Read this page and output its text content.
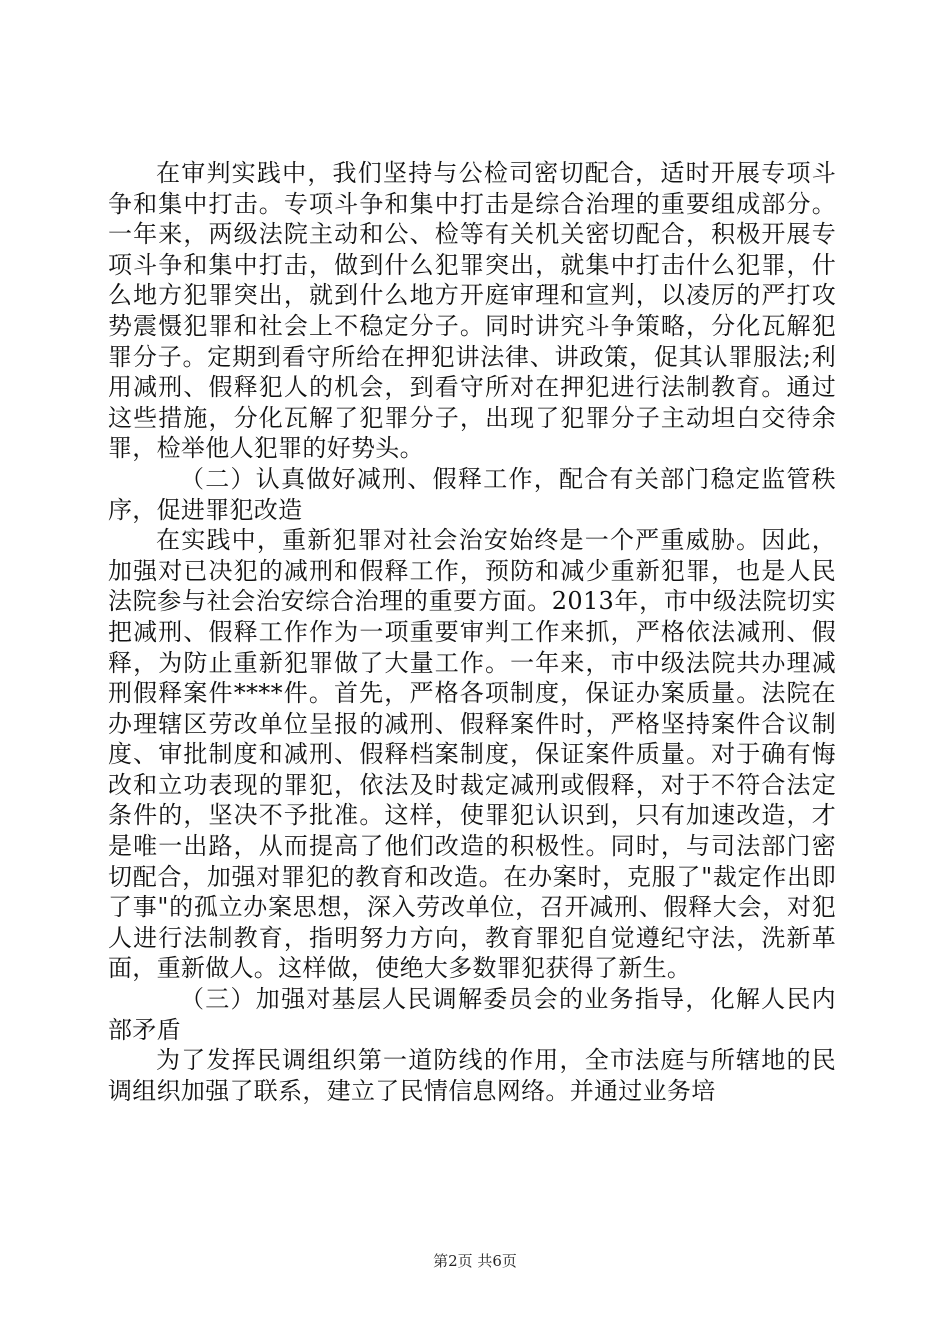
在审判实践中，我们坚持与公检司密切配合，适时开展专项斗争和集中打击。专项斗争和集中打击是综合治理的重要组成部分。一年来，两级法院主动和公、检等有关机关密切配合，积极开展专项斗争和集中打击，做到什么犯罪突出，就集中打击什么犯罪，什么地方犯罪突出，就到什么地方开庭审理和宣判，以凌厉的严打攻势震慑犯罪和社会上不稳定分子。同时讲究斗争策略，分化瓦解犯罪分子。定期到看守所给在押犯讲法律、讲政策，促其认罪服法;利用减刑、假释犯人的机会，到看守所对在押犯进行法制教育。通过这些措施，分化瓦解了犯罪分子，出现了犯罪分子主动坦白交待余罪，检举他人犯罪的好势头。

（二）认真做好减刑、假释工作，配合有关部门稳定监管秩序，促进罪犯改造

在实践中，重新犯罪对社会治安始终是一个严重威胁。因此，加强对已决犯的减刑和假释工作，预防和减少重新犯罪，也是人民法院参与社会治安综合治理的重要方面。2013年，市中级法院切实把减刑、假释工作作为一项重要审判工作来抓，严格依法减刑、假释，为防止重新犯罪做了大量工作。一年来，市中级法院共办理减刑假释案件****件。首先，严格各项制度，保证办案质量。法院在办理辖区劳改单位呈报的减刑、假释案件时，严格坚持案件合议制度、审批制度和减刑、假释档案制度，保证案件质量。对于确有悔改和立功表现的罪犯，依法及时裁定减刑或假释，对于不符合法定条件的，坚决不予批准。这样，使罪犯认识到，只有加速改造，才是唯一出路，从而提高了他们改造的积极性。同时，与司法部门密切配合，加强对罪犯的教育和改造。在办案时，克服了"裁定作出即了事"的孤立办案思想，深入劳改单位，召开减刑、假释大会，对犯人进行法制教育，指明努力方向，教育罪犯自觉遵纪守法，洗新革面，重新做人。这样做，使绝大多数罪犯获得了新生。

（三）加强对基层人民调解委员会的业务指导，化解人民内部矛盾

为了发挥民调组织第一道防线的作用，全市法庭与所辖地的民调组织加强了联系，建立了民情信息网络。并通过业务培

第2页 共6页
